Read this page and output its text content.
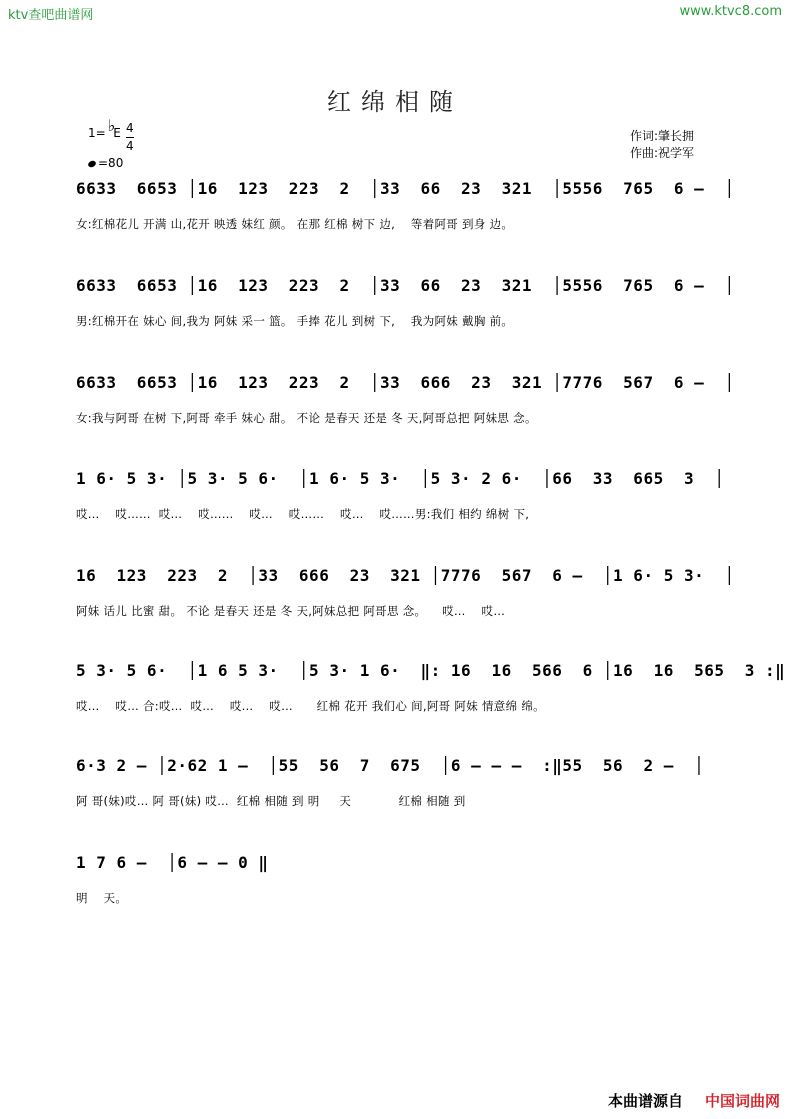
ktv查吧曲谱网	www.ktvc8.com
红绵相随
1= ♭E 4
4
=80
作词:肇长拥
作曲:祝学军
6633  6653 │16  123  223  2  │33  66  23  321  │5556  765  6 –  │
女:红棉花儿 开满 山,花开 映透 妹红 颜。 在那 红棉 树下 边,    等着阿哥 到身 边。
6633  6653 │16  123  223  2  │33  66  23  321  │5556  765  6 –  │
男:红棉开在 妹心 间,我为 阿妹 采一 篮。 手捧 花儿 到树 下,    我为阿妹 戴胸 前。
6633  6653 │16  123  223  2  │33  666  23  321 │7776  567  6 –  │
女:我与阿哥 在树 下,阿哥 牵手 妹心 甜。 不论 是春天 还是 冬 天,阿哥总把 阿妹思 念。
1 6· 5 3· │5 3· 5 6·  │1 6· 5 3·  │5 3· 2 6·  │66  33  665  3  │
哎…    哎……  哎…    哎……    哎…    哎……    哎…    哎……男:我们 相约 绵树 下,
16  123  223  2  │33  666  23  321 │7776  567  6 –  │1 6· 5 3·  │
阿妹 话儿 比蜜 甜。 不论 是春天 还是 冬 天,阿妹总把 阿哥思 念。    哎…    哎…
5 3· 5 6·  │1 6 5 3·  │5 3· 1 6·  ‖: 16  16  566  6 │16  16  565  3 :‖
哎…    哎… 合:哎…  哎…    哎…    哎…      红棉 花开 我们心 间,阿哥 阿妹 情意绵 绵。
6·3 2 – │2·62 1 –  │55  56  7  675  │6 – – –  :‖55  56  2 –  │
阿 哥(妹)哎… 阿 哥(妹) 哎…  红棉 相随 到 明     天            红棉 相随 到
1 7 6 –  │6 – – 0 ‖
明    天。
本曲谱源自 中国词曲网
